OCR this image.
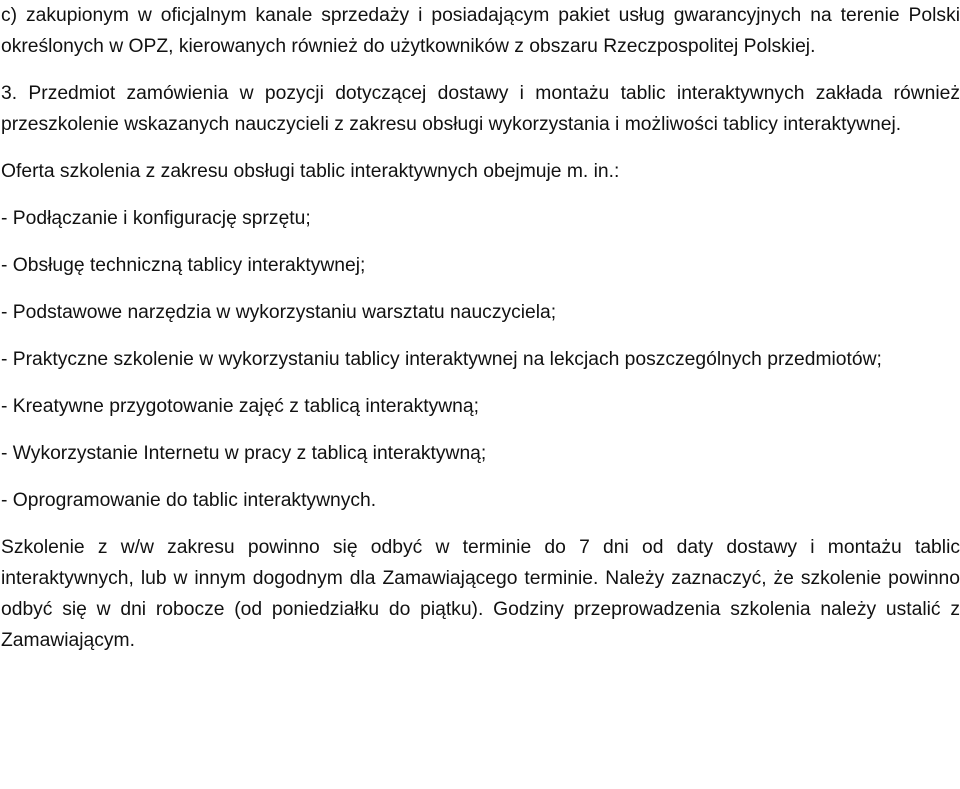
c) zakupionym w oficjalnym kanale sprzedaży i posiadającym pakiet usług gwarancyjnych na terenie Polski określonych w OPZ, kierowanych również do użytkowników z obszaru Rzeczpospolitej Polskiej.

3. Przedmiot zamówienia w pozycji dotyczącej dostawy i montażu tablic interaktywnych zakłada również przeszkolenie wskazanych nauczycieli z zakresu obsługi wykorzystania i możliwości tablicy interaktywnej.

Oferta szkolenia z zakresu obsługi tablic interaktywnych obejmuje m. in.:

- Podłączanie i konfigurację sprzętu;

- Obsługę techniczną tablicy interaktywnej;

- Podstawowe narzędzia w wykorzystaniu warsztatu nauczyciela;

- Praktyczne szkolenie w wykorzystaniu tablicy interaktywnej na lekcjach poszczególnych przedmiotów;

- Kreatywne przygotowanie zajęć z tablicą interaktywną;

- Wykorzystanie Internetu w pracy z tablicą interaktywną;

- Oprogramowanie do tablic interaktywnych.

Szkolenie z w/w zakresu powinno się odbyć w terminie do 7 dni od daty dostawy i montażu tablic interaktywnych, lub w innym dogodnym dla Zamawiającego terminie. Należy zaznaczyć, że szkolenie powinno odbyć się w dni robocze (od poniedziałku do piątku). Godziny przeprowadzenia szkolenia należy ustalić z Zamawiającym.
